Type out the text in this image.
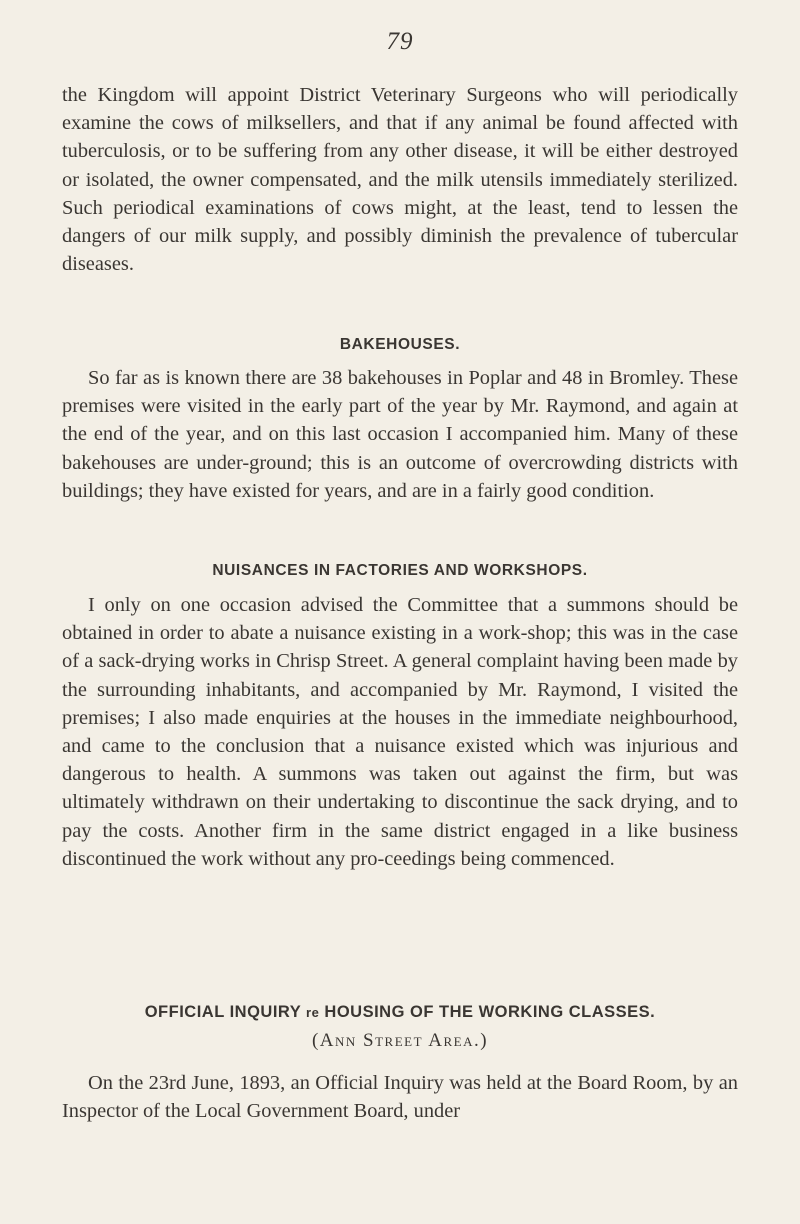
79

the Kingdom will appoint District Veterinary Surgeons who will periodically examine the cows of milksellers, and that if any animal be found affected with tuberculosis, or to be suffering from any other disease, it will be either destroyed or isolated, the owner compensated, and the milk utensils immediately sterilized. Such periodical examinations of cows might, at the least, tend to lessen the dangers of our milk supply, and possibly diminish the prevalence of tubercular diseases.

BAKEHOUSES.

So far as is known there are 38 bakehouses in Poplar and 48 in Bromley. These premises were visited in the early part of the year by Mr. Raymond, and again at the end of the year, and on this last occasion I accompanied him. Many of these bakehouses are under-ground; this is an outcome of overcrowding districts with buildings; they have existed for years, and are in a fairly good condition.

NUISANCES IN FACTORIES AND WORKSHOPS.

I only on one occasion advised the Committee that a summons should be obtained in order to abate a nuisance existing in a work-shop; this was in the case of a sack-drying works in Chrisp Street. A general complaint having been made by the surrounding inhabitants, and accompanied by Mr. Raymond, I visited the premises; I also made enquiries at the houses in the immediate neighbourhood, and came to the conclusion that a nuisance existed which was injurious and dangerous to health. A summons was taken out against the firm, but was ultimately withdrawn on their undertaking to discontinue the sack drying, and to pay the costs. Another firm in the same district engaged in a like business discontinued the work without any pro-ceedings being commenced.

OFFICIAL INQUIRY re HOUSING OF THE WORKING CLASSES.
(Ann Street Area.)

On the 23rd June, 1893, an Official Inquiry was held at the Board Room, by an Inspector of the Local Government Board, under
